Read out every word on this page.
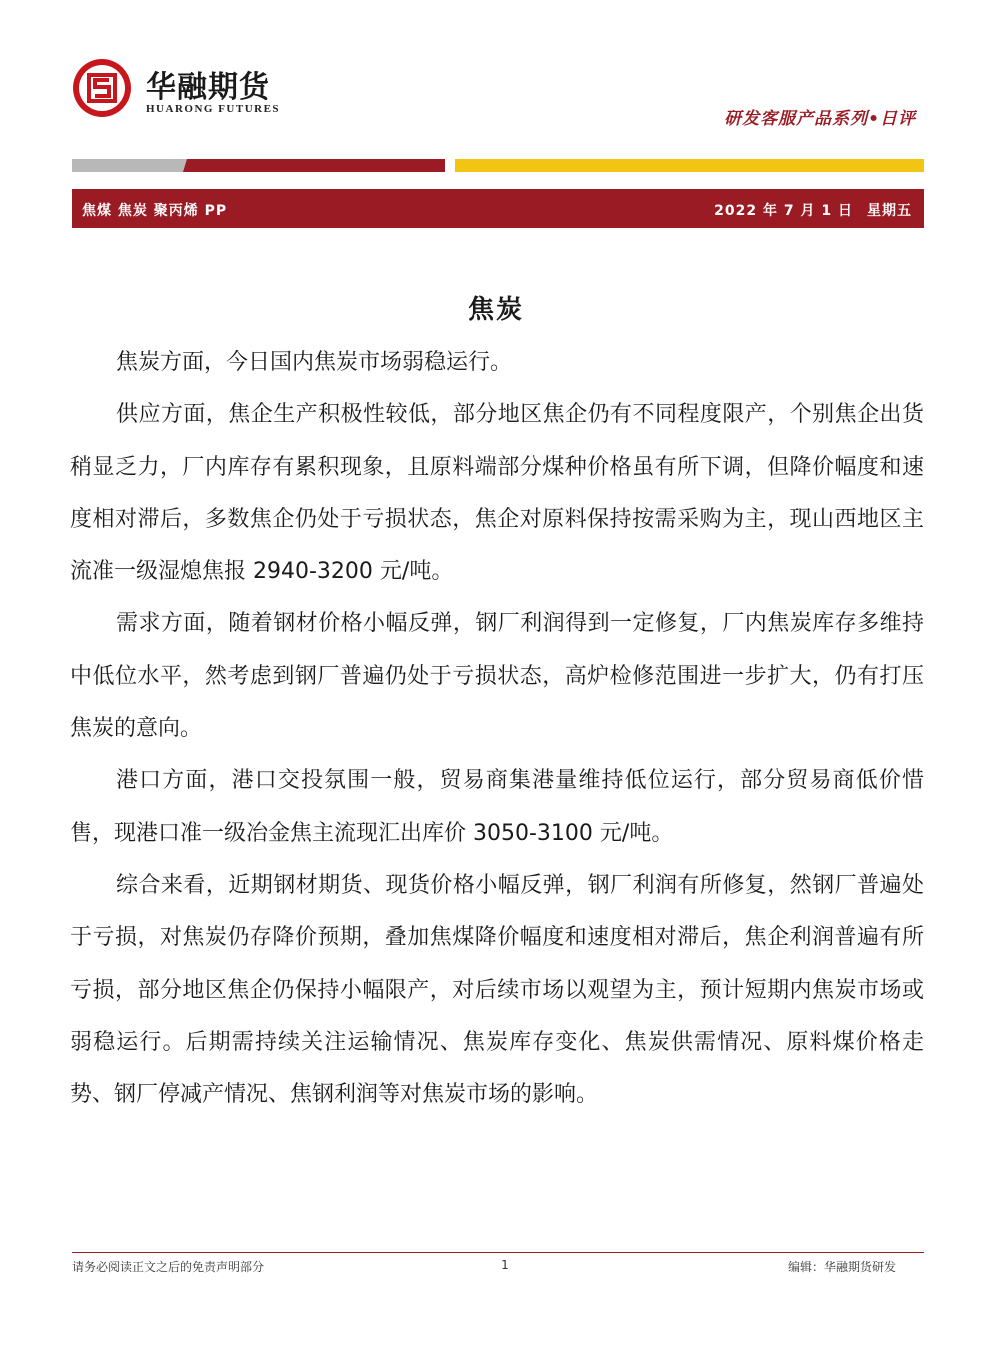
华融期货
HUARONG FUTURES	研发客服产品系列•日评
焦煤 焦炭 聚丙烯 PP	2022 年 7 月 1 日 星期五
焦炭

焦炭方面，今日国内焦炭市场弱稳运行。

供应方面，焦企生产积极性较低，部分地区焦企仍有不同程度限产，个别焦企出货稍显乏力，厂内库存有累积现象，且原料端部分煤种价格虽有所下调，但降价幅度和速度相对滞后，多数焦企仍处于亏损状态，焦企对原料保持按需采购为主，现山西地区主流准一级湿熄焦报 2940-3200 元/吨。

需求方面，随着钢材价格小幅反弹，钢厂利润得到一定修复，厂内焦炭库存多维持中低位水平，然考虑到钢厂普遍仍处于亏损状态，高炉检修范围进一步扩大，仍有打压焦炭的意向。

港口方面，港口交投氛围一般，贸易商集港量维持低位运行，部分贸易商低价惜售，现港口准一级冶金焦主流现汇出库价 3050-3100 元/吨。

综合来看，近期钢材期货、现货价格小幅反弹，钢厂利润有所修复，然钢厂普遍处于亏损，对焦炭仍存降价预期，叠加焦煤降价幅度和速度相对滞后，焦企利润普遍有所亏损，部分地区焦企仍保持小幅限产，对后续市场以观望为主，预计短期内焦炭市场或弱稳运行。后期需持续关注运输情况、焦炭库存变化、焦炭供需情况、原料煤价格走势、钢厂停减产情况、焦钢利润等对焦炭市场的影响。

请务必阅读正文之后的免责声明部分	1	编辑：华融期货研发
